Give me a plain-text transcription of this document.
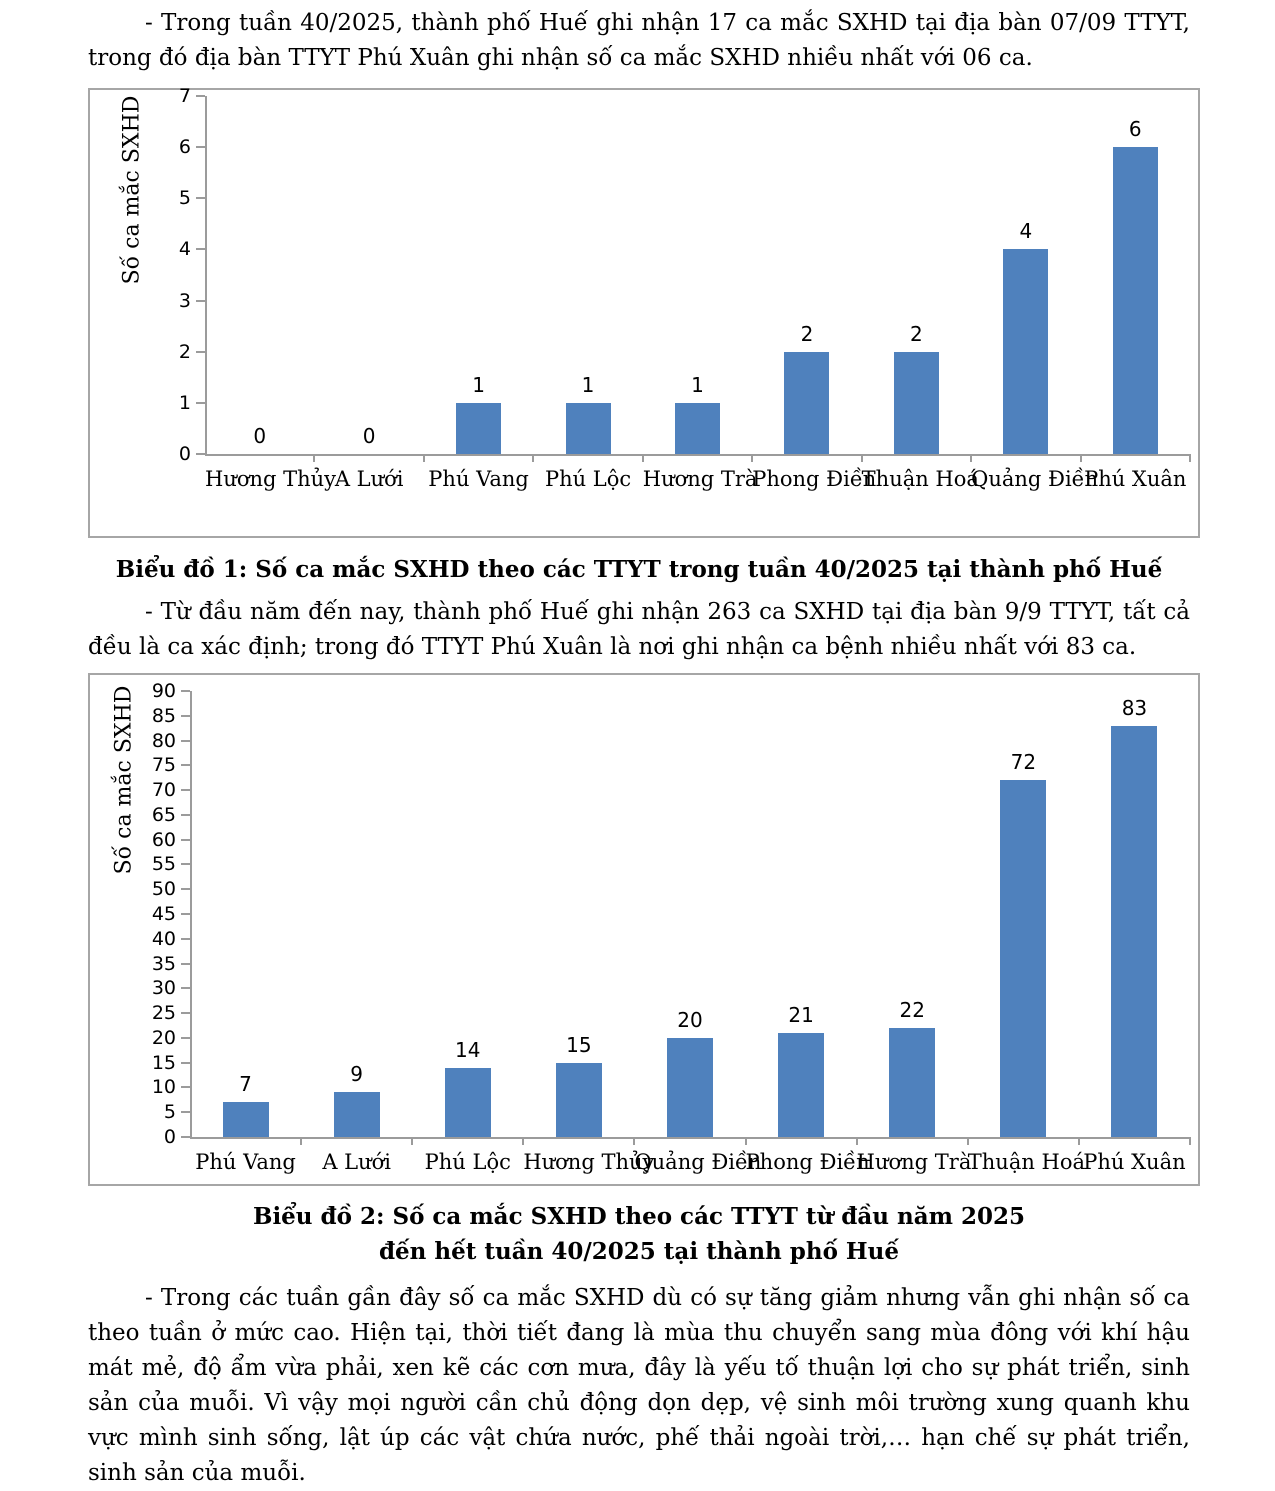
- Trong tuần 40/2025, thành phố Huế ghi nhận 17 ca mắc SXHD tại địa bàn 07/09 TTYT, trong đó địa bàn TTYT Phú Xuân ghi nhận số ca mắc SXHD nhiều nhất với 06 ca.

Số ca mắc SXHD
0
1
2
3
4
5
6
7
0
Hương Thủy
0
A Lưới
1
Phú Vang
1
Phú Lộc
1
Hương Trà
2
Phong Điền
2
Thuận Hoá
4
Quảng Điền
6
Phú Xuân

Biểu đồ 1: Số ca mắc SXHD theo các TTYT trong tuần 40/2025 tại thành phố Huế

- Từ đầu năm đến nay, thành phố Huế ghi nhận 263 ca SXHD tại địa bàn 9/9 TTYT, tất cả đều là ca xác định; trong đó TTYT Phú Xuân là nơi ghi nhận ca bệnh nhiều nhất với 83 ca.

Số ca mắc SXHD
0
5
10
15
20
25
30
35
40
45
50
55
60
65
70
75
80
85
90
7
Phú Vang
9
A Lưới
14
Phú Lộc
15
Hương Thủy
20
Quảng Điền
21
Phong Điền
22
Hương Trà
72
Thuận Hoá
83
Phú Xuân

Biểu đồ 2: Số ca mắc SXHD theo các TTYT từ đầu năm 2025

đến hết tuần 40/2025 tại thành phố Huế

- Trong các tuần gần đây số ca mắc SXHD dù có sự tăng giảm nhưng vẫn ghi nhận số ca theo tuần ở mức cao. Hiện tại, thời tiết đang là mùa thu chuyển sang mùa đông với khí hậu mát mẻ, độ ẩm vừa phải, xen kẽ các cơn mưa, đây là yếu tố thuận lợi cho sự phát triển, sinh sản của muỗi. Vì vậy mọi người cần chủ động dọn dẹp, vệ sinh môi trường xung quanh khu vực mình sinh sống, lật úp các vật chứa nước, phế thải ngoài trời,… hạn chế sự phát triển, sinh sản của muỗi.
